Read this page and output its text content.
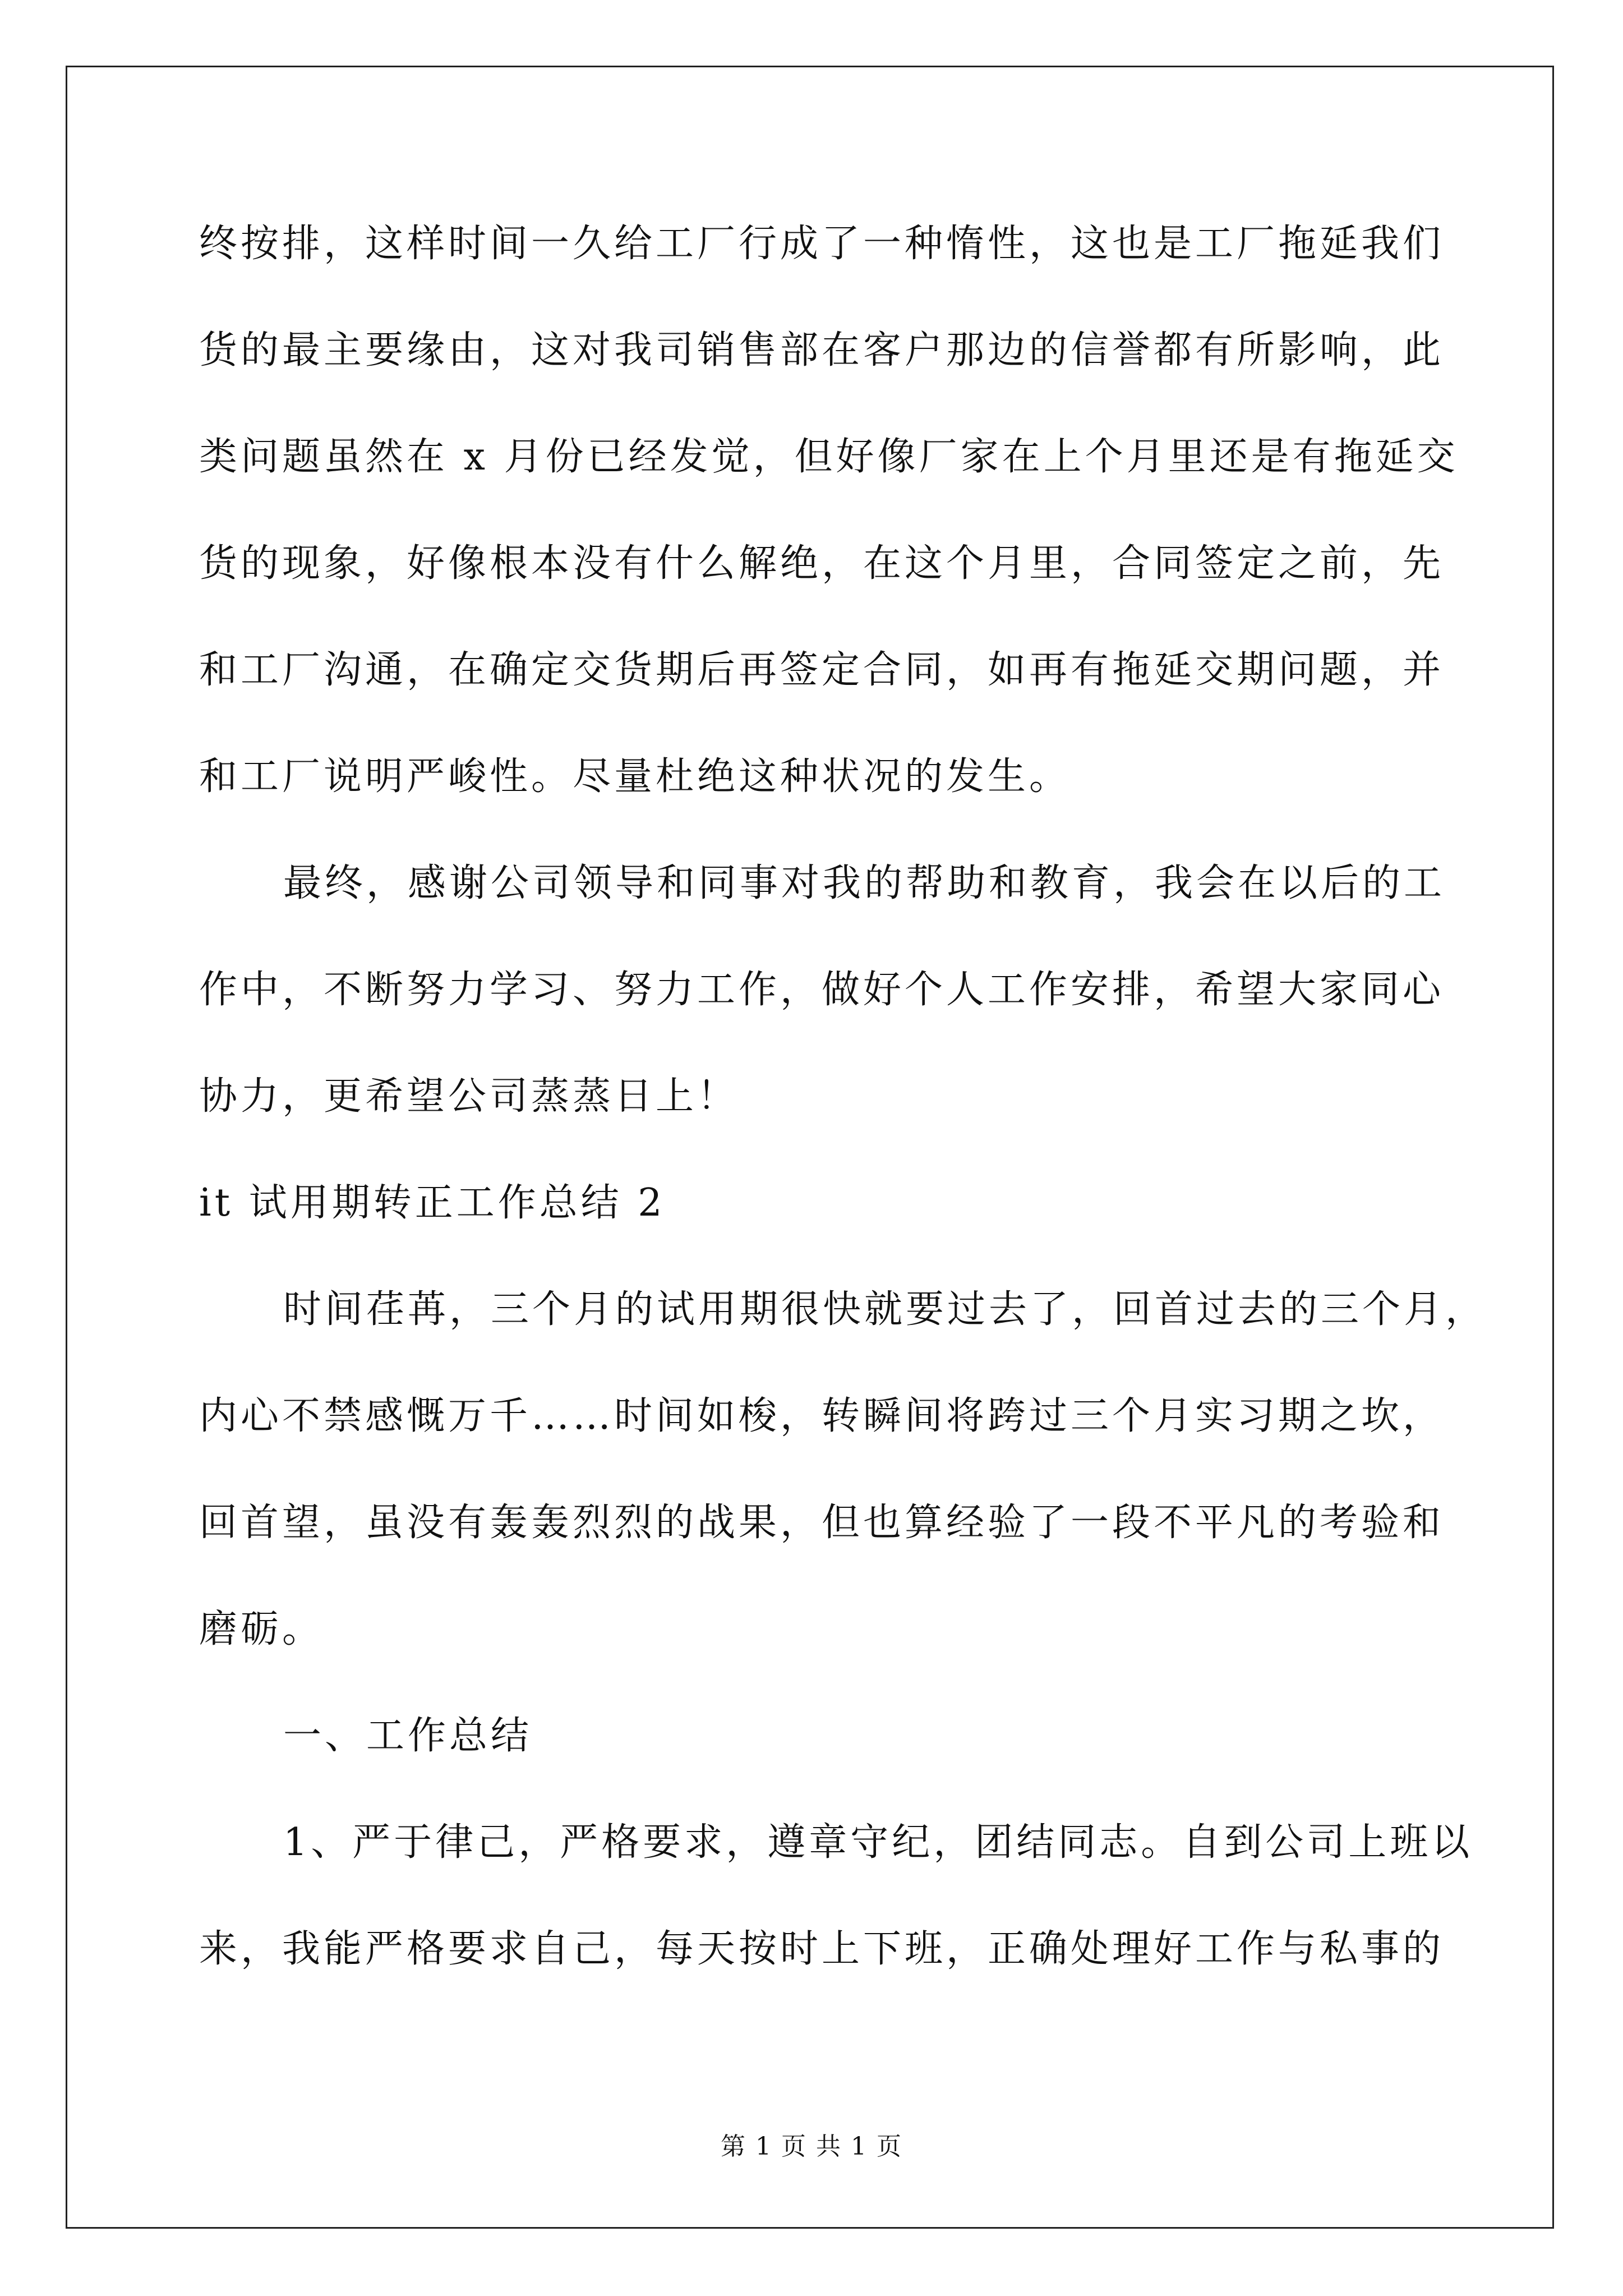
终按排，这样时间一久给工厂行成了一种惰性，这也是工厂拖延我们
货的最主要缘由，这对我司销售部在客户那边的信誉都有所影响，此
类问题虽然在 x 月份已经发觉，但好像厂家在上个月里还是有拖延交
货的现象，好像根本没有什么解绝，在这个月里，合同签定之前，先
和工厂沟通，在确定交货期后再签定合同，如再有拖延交期问题，并
和工厂说明严峻性。尽量杜绝这种状况的发生。
最终，感谢公司领导和同事对我的帮助和教育，我会在以后的工
作中，不断努力学习、努力工作，做好个人工作安排，希望大家同心
协力，更希望公司蒸蒸日上！
it 试用期转正工作总结 2
时间荏苒，三个月的试用期很快就要过去了，回首过去的三个月，
内心不禁感慨万千……时间如梭，转瞬间将跨过三个月实习期之坎，
回首望，虽没有轰轰烈烈的战果，但也算经验了一段不平凡的考验和
磨砺。
一、工作总结
1、严于律己，严格要求，遵章守纪，团结同志。自到公司上班以
来，我能严格要求自己，每天按时上下班，正确处理好工作与私事的
第 1 页 共 1 页
